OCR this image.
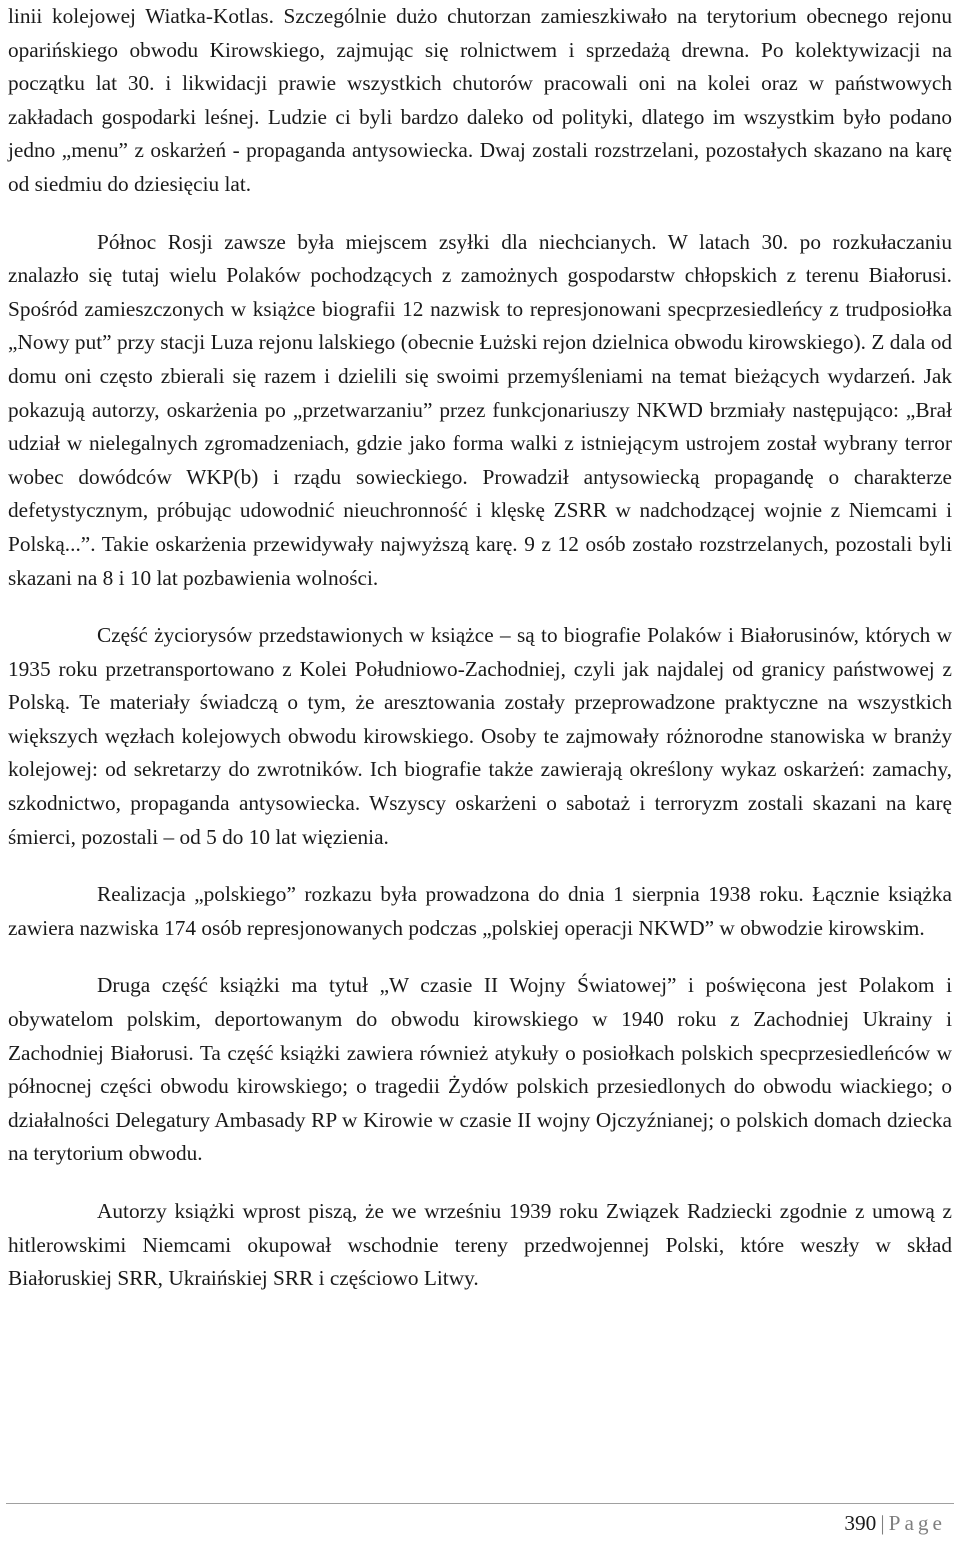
linii kolejowej Wiatka-Kotlas. Szczególnie dużo chutorzan zamieszkiwało na terytorium obecnego rejonu oparińskiego obwodu Kirowskiego, zajmując się rolnictwem i sprzedażą drewna. Po kolektywizacji na początku lat 30. i likwidacji prawie wszystkich chutorów pracowali oni na kolei oraz w państwowych zakładach gospodarki leśnej. Ludzie ci byli bardzo daleko od polityki, dlatego im wszystkim było podano jedno „menu” z oskarżeń - propaganda antysowiecka. Dwaj zostali rozstrzelani, pozostałych skazano na karę od siedmiu do dziesięciu lat.

Północ Rosji zawsze była miejscem zsyłki dla niechcianych. W latach 30. po rozkułaczaniu znalazło się tutaj wielu Polaków pochodzących z zamożnych gospodarstw chłopskich z terenu Białorusi. Spośród zamieszczonych w książce biografii 12 nazwisk to represjonowani specprzesiedleńcy z trudposiołka „Nowy put” przy stacji Luza rejonu lalskiego (obecnie Łużski rejon dzielnica obwodu kirowskiego). Z dala od domu oni często zbierali się razem i dzielili się swoimi przemyśleniami na temat bieżących wydarzeń. Jak pokazują autorzy, oskarżenia po „przetwarzaniu” przez funkcjonariuszy NKWD brzmiały następująco: „Brał udział w nielegalnych zgromadzeniach, gdzie jako forma walki z istniejącym ustrojem został wybrany terror wobec dowódców WKP(b) i rządu sowieckiego. Prowadził antysowiecką propagandę o charakterze defetystycznym, próbując udowodnić nieuchronność i klęskę ZSRR w nadchodzącej wojnie z Niemcami i Polską...”. Takie oskarżenia przewidywały najwyższą karę. 9 z 12 osób zostało rozstrzelanych, pozostali byli skazani na 8 i 10 lat pozbawienia wolności.

Część życiorysów przedstawionych w książce – są to biografie Polaków i Białorusinów, których w 1935 roku przetransportowano z Kolei Południowo-Zachodniej, czyli jak najdalej od granicy państwowej z Polską. Te materiały świadczą o tym, że aresztowania zostały przeprowadzone praktyczne na wszystkich większych węzłach kolejowych obwodu kirowskiego. Osoby te zajmowały różnorodne stanowiska w branży kolejowej: od sekretarzy do zwrotników. Ich biografie także zawierają określony wykaz oskarżeń: zamachy, szkodnictwo, propaganda antysowiecka. Wszyscy oskarżeni o sabotaż i terroryzm zostali skazani na karę śmierci, pozostali – od 5 do 10 lat więzienia.

Realizacja „polskiego” rozkazu była prowadzona do dnia 1 sierpnia 1938 roku. Łącznie książka zawiera nazwiska 174 osób represjonowanych podczas „polskiej operacji NKWD” w obwodzie kirowskim.

Druga część książki ma tytuł „W czasie II Wojny Światowej” i poświęcona jest Polakom i obywatelom polskim, deportowanym do obwodu kirowskiego w 1940 roku z Zachodniej Ukrainy i Zachodniej Białorusi. Ta część książki zawiera również atykuły o posiołkach polskich specprzesiedleńców w północnej części obwodu kirowskiego; o tragedii Żydów polskich przesiedlonych do obwodu wiackiego; o działalności Delegatury Ambasady RP w Kirowie w czasie II wojny Ojczyźnianej; o polskich domach dziecka na terytorium obwodu.

Autorzy książki wprost piszą, że we wrześniu 1939 roku Związek Radziecki zgodnie z umową z hitlerowskimi Niemcami okupował wschodnie tereny przedwojennej Polski, które weszły w skład Białoruskiej SRR, Ukraińskiej SRR i częściowo Litwy.

390 | Page
